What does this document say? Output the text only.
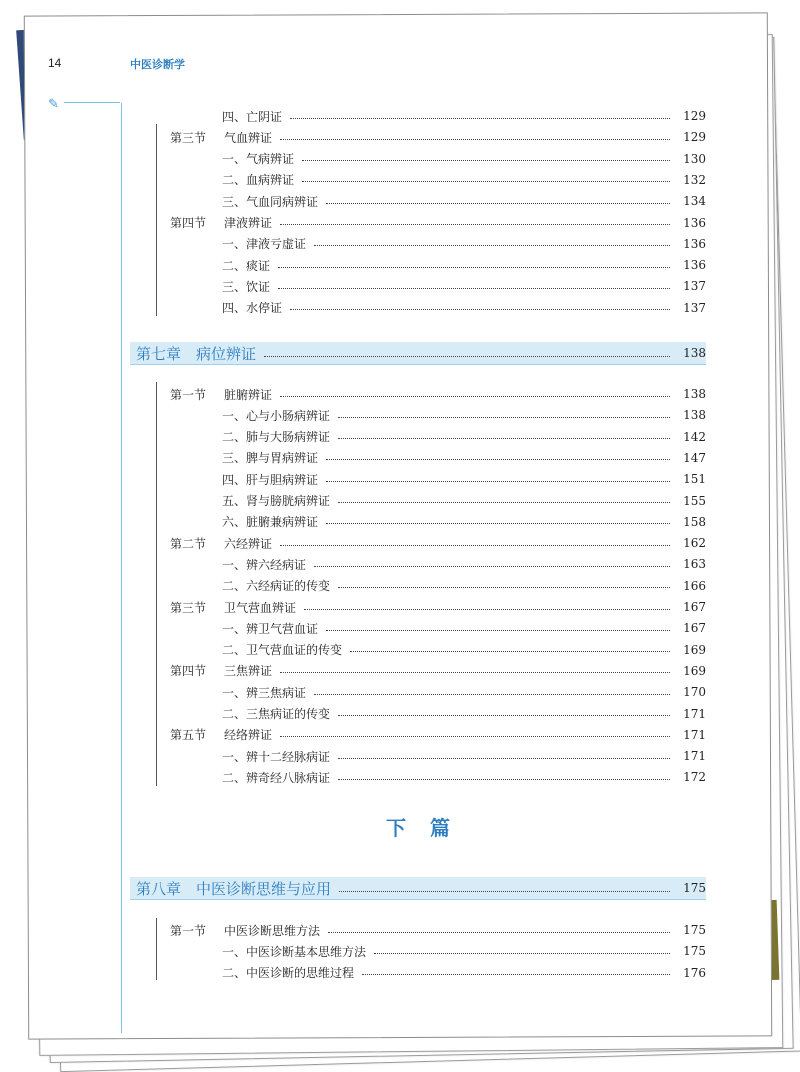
14	中医诊断学
✎
四、亡阴证	129
第三节	气血辨证	129
一、气病辨证	130
二、血病辨证	132
三、气血同病辨证	134
第四节	津液辨证	136
一、津液亏虚证	136
二、痰证	136
三、饮证	137
四、水停证	137
第七章　病位辨证	138
第一节	脏腑辨证	138
一、心与小肠病辨证	138
二、肺与大肠病辨证	142
三、脾与胃病辨证	147
四、肝与胆病辨证	151
五、肾与膀胱病辨证	155
六、脏腑兼病辨证	158
第二节	六经辨证	162
一、辨六经病证	163
二、六经病证的传变	166
第三节	卫气营血辨证	167
一、辨卫气营血证	167
二、卫气营血证的传变	169
第四节	三焦辨证	169
一、辨三焦病证	170
二、三焦病证的传变	171
第五节	经络辨证	171
一、辨十二经脉病证	171
二、辨奇经八脉病证	172
下　篇
第八章　中医诊断思维与应用	175
第一节	中医诊断思维方法	175
一、中医诊断基本思维方法	175
二、中医诊断的思维过程	176
